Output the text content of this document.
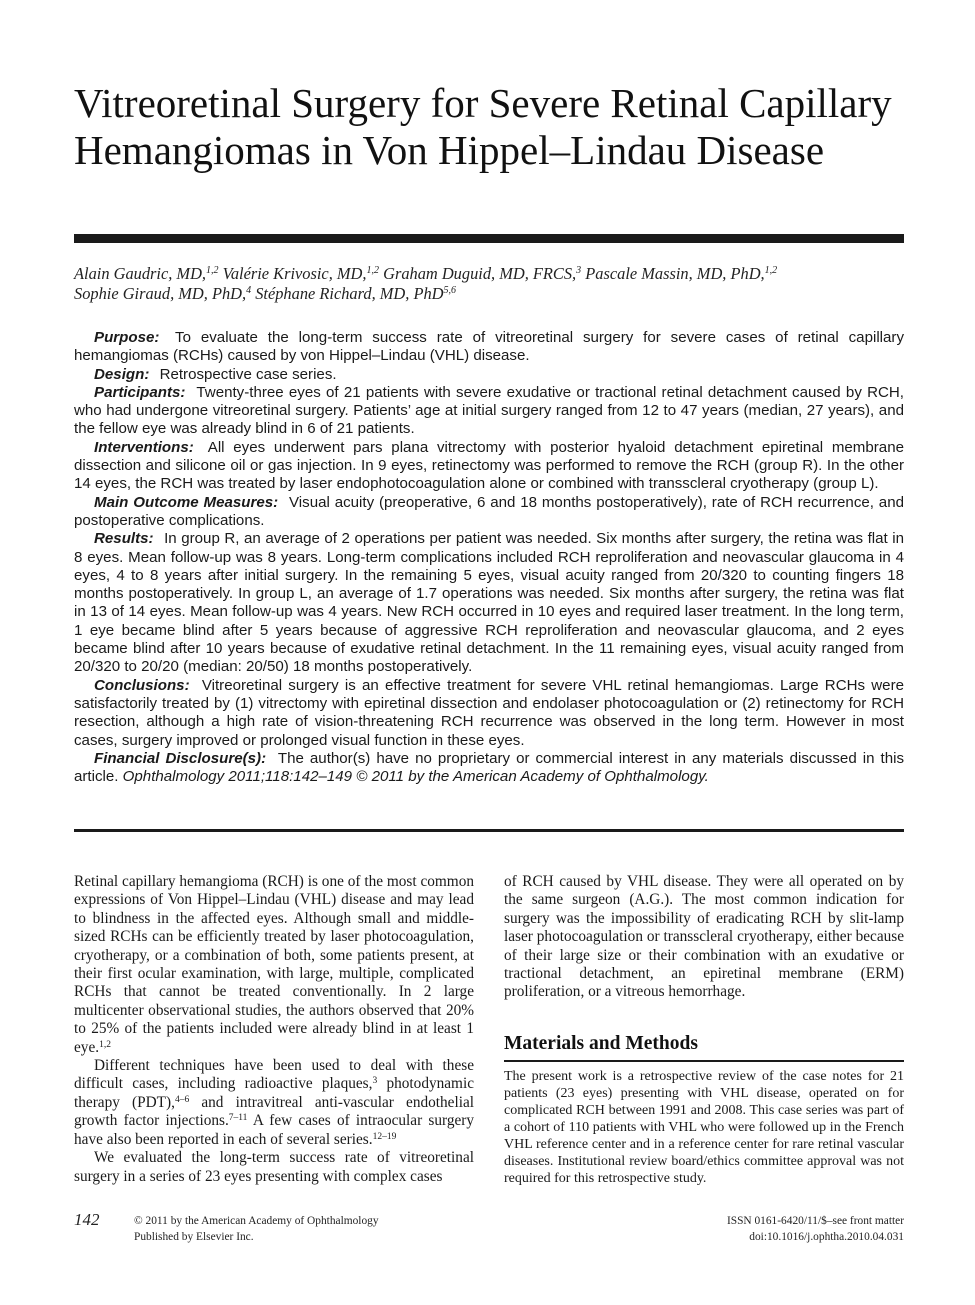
Vitreoretinal Surgery for Severe Retinal Capillary Hemangiomas in Von Hippel–Lindau Disease
Alain Gaudric, MD,$^{1,2}$ Valérie Krivosic, MD,$^{1,2}$ Graham Duguid, MD, FRCS,$^3$ Pascale Massin, MD, PhD,$^{1,2}$
Sophie Giraud, MD, PhD,$^4$ Stéphane Richard, MD, PhD$^{5,6}$

Purpose: To evaluate the long-term success rate of vitreoretinal surgery for severe cases of retinal capillary hemangiomas (RCHs) caused by von Hippel–Lindau (VHL) disease.

Design: Retrospective case series.

Participants: Twenty-three eyes of 21 patients with severe exudative or tractional retinal detachment caused by RCH, who had undergone vitreoretinal surgery. Patients’ age at initial surgery ranged from 12 to 47 years (median, 27 years), and the fellow eye was already blind in 6 of 21 patients.

Interventions: All eyes underwent pars plana vitrectomy with posterior hyaloid detachment epiretinal membrane dissection and silicone oil or gas injection. In 9 eyes, retinectomy was performed to remove the RCH (group R). In the other 14 eyes, the RCH was treated by laser endophotocoagulation alone or combined with transscleral cryotherapy (group L).

Main Outcome Measures: Visual acuity (preoperative, 6 and 18 months postoperatively), rate of RCH recurrence, and postoperative complications.

Results: In group R, an average of 2 operations per patient was needed. Six months after surgery, the retina was flat in 8 eyes. Mean follow-up was 8 years. Long-term complications included RCH reproliferation and neovascular glaucoma in 4 eyes, 4 to 8 years after initial surgery. In the remaining 5 eyes, visual acuity ranged from 20/320 to counting fingers 18 months postoperatively. In group L, an average of 1.7 operations was needed. Six months after surgery, the retina was flat in 13 of 14 eyes. Mean follow-up was 4 years. New RCH occurred in 10 eyes and required laser treatment. In the long term, 1 eye became blind after 5 years because of aggressive RCH reproliferation and neovascular glaucoma, and 2 eyes became blind after 10 years because of exudative retinal detachment. In the 11 remaining eyes, visual acuity ranged from 20/320 to 20/20 (median: 20/50) 18 months postoperatively.

Conclusions: Vitreoretinal surgery is an effective treatment for severe VHL retinal hemangiomas. Large RCHs were satisfactorily treated by (1) vitrectomy with epiretinal dissection and endolaser photocoagulation or (2) retinectomy for RCH resection, although a high rate of vision-threatening RCH recurrence was observed in the long term. However in most cases, surgery improved or prolonged visual function in these eyes.

Financial Disclosure(s): The author(s) have no proprietary or commercial interest in any materials discussed in this article. Ophthalmology 2011;118:142–149 © 2011 by the American Academy of Ophthalmology.

Retinal capillary hemangioma (RCH) is one of the most common expressions of Von Hippel–Lindau (VHL) disease and may lead to blindness in the affected eyes. Although small and middle-sized RCHs can be efficiently treated by laser photocoagulation, cryotherapy, or a combination of both, some patients present, at their first ocular examination, with large, multiple, complicated RCHs that cannot be treated conventionally. In 2 large multicenter observational studies, the authors observed that 20% to 25% of the patients included were already blind in at least 1 eye.$^{1,2}$

Different techniques have been used to deal with these difficult cases, including radioactive plaques,$^3$ photodynamic therapy (PDT),$^{4-6}$ and intravitreal anti-vascular endothelial growth factor injections.$^{7-11}$ A few cases of intraocular surgery have also been reported in each of several series.$^{12-19}$

We evaluated the long-term success rate of vitreoretinal surgery in a series of 23 eyes presenting with complex cases

of RCH caused by VHL disease. They were all operated on by the same surgeon (A.G.). The most common indication for surgery was the impossibility of eradicating RCH by slit-lamp laser photocoagulation or transscleral cryotherapy, either because of their large size or their combination with an exudative or tractional detachment, an epiretinal membrane (ERM) proliferation, or a vitreous hemorrhage.

Materials and Methods

The present work is a retrospective review of the case notes for 21 patients (23 eyes) presenting with VHL disease, operated on for complicated RCH between 1991 and 2008. This case series was part of a cohort of 110 patients with VHL who were followed up in the French VHL reference center and in a reference center for rare retinal vascular diseases. Institutional review board/ethics committee approval was not required for this retrospective study.

142	© 2011 by the American Academy of Ophthalmology
Published by Elsevier Inc.
ISSN 0161-6420/11/$–see front matter
doi:10.1016/j.ophtha.2010.04.031
